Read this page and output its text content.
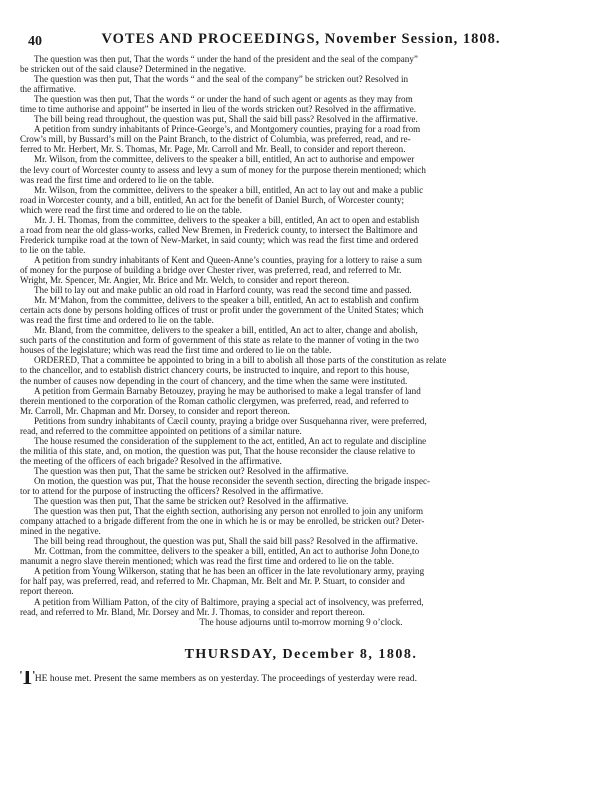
40	VOTES AND PROCEEDINGS, November Session, 1808.

The question was then put, That the words “ under the hand of the president and the seal of the company”

be stricken out of the said clause? Determined in the negative.

The question was then put, That the words “ and the seal of the company” be stricken out? Resolved in

the affirmative.

The question was then put, That the words “ or under the hand of such agent or agents as they may from

time to time authorise and appoint” be inserted in lieu of the words stricken out? Resolved in the affirmative.

The bill being read throughout, the question was put, Shall the said bill pass? Resolved in the affirmative.

A petition from sundry inhabitants of Prince-George’s, and Montgomery counties, praying for a road from

Crow’s mill, by Bussard’s mill on the Paint Branch, to the district of Columbia, was preferred, read, and re-

ferred to Mr. Herbert, Mr. S. Thomas, Mr. Page, Mr. Carroll and Mr. Beall, to consider and report thereon.

Mr. Wilson, from the committee, delivers to the speaker a bill, entitled, An act to authorise and empower

the levy court of Worcester county to assess and levy a sum of money for the purpose therein mentioned; which

was read the first time and ordered to lie on the table.

Mr. Wilson, from the committee, delivers to the speaker a bill, entitled, An act to lay out and make a public

road in Worcester county, and a bill, entitled, An act for the benefit of Daniel Burch, of Worcester county;

which were read the first time and ordered to lie on the table.

Mr. J. H. Thomas, from the committee, delivers to the speaker a bill, entitled, An act to open and establish

a road from near the old glass-works, called New Bremen, in Frederick county, to intersect the Baltimore and

Frederick turnpike road at the town of New-Market, in said county; which was read the first time and ordered

to lie on the table.

A petition from sundry inhabitants of Kent and Queen-Anne’s counties, praying for a lottery to raise a sum

of money for the purpose of building a bridge over Chester river, was preferred, read, and referred to Mr.

Wright, Mr. Spencer, Mr. Angier, Mr. Brice and Mr. Welch, to consider and report thereon.

The bill to lay out and make public an old road in Harford county, was read the second time and passed.

Mr. M‘Mahon, from the committee, delivers to the speaker a bill, entitled, An act to establish and confirm

certain acts done by persons holding offices of trust or profit under the government of the United States; which

was read the first time and ordered to lie on the table.

Mr. Bland, from the committee, delivers to the speaker a bill, entitled, An act to alter, change and abolish,

such parts of the constitution and form of government of this state as relate to the manner of voting in the two

houses of the legislature; which was read the first time and ordered to lie on the table.

ORDERED, That a committee be appointed to bring in a bill to abolish all those parts of the constitution as relate

to the chancellor, and to establish district chancery courts, be instructed to inquire, and report to this house,

the number of causes now depending in the court of chancery, and the time when the same were instituted.

A petition from Germain Barnaby Betouzey, praying he may be authorised to make a legal transfer of land

therein mentioned to the corporation of the Roman catholic clergymen, was preferred, read, and referred to

Mr. Carroll, Mr. Chapman and Mr. Dorsey, to consider and report thereon.

Petitions from sundry inhabitants of Cæcil county, praying a bridge over Susquehanna river, were preferred,

read, and referred to the committee appointed on petitions of a similar nature.

The house resumed the consideration of the supplement to the act, entitled, An act to regulate and discipline

the militia of this state, and, on motion, the question was put, That the house reconsider the clause relative to

the meeting of the officers of each brigade? Resolved in the affirmative.

The question was then put, That the same be stricken out? Resolved in the affirmative.

On motion, the question was put, That the house reconsider the seventh section, directing the brigade inspec-

tor to attend for the purpose of instructing the officers? Resolved in the affirmative.

The question was then put, That the same be stricken out? Resolved in the affirmative.

The question was then put, That the eighth section, authorising any person not enrolled to join any uniform

company attached to a brigade different from the one in which he is or may be enrolled, be stricken out? Deter-

mined in the negative.

The bill being read throughout, the question was put, Shall the said bill pass? Resolved in the affirmative.

Mr. Cottman, from the committee, delivers to the speaker a bill, entitled, An act to authorise John Done,to

manumit a negro slave therein mentioned; which was read the first time and ordered to lie on the table.

A petition from Young Wilkerson, stating that he has been an officer in the late revolutionary army, praying

for half pay, was preferred, read, and referred to Mr. Chapman, Mr. Belt and Mr. P. Stuart, to consider and

report thereon.

A petition from William Patton, of the city of Baltimore, praying a special act of insolvency, was preferred,

read, and referred to Mr. Bland, Mr. Dorsey and Mr. J. Thomas, to consider and report thereon.

The house adjourns until to-morrow morning 9 o’clock.

THURSDAY, December 8, 1808.
THE house met. Present the same members as on yesterday. The proceedings of yesterday were read.
